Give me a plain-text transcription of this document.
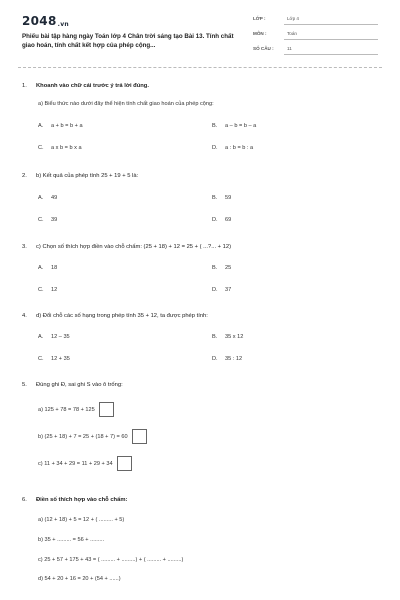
2048.vn
Phiếu bài tập hàng ngày Toán lớp 4 Chân trời sáng tạo Bài 13. Tính chất giao hoán, tính chất kết hợp của phép cộng...
LỚP :	Lớp 4
MÔN :	Toán
SỐ CÂU :	11
1. Khoanh vào chữ cái trước ý trả lời đúng.
a) Biểu thức nào dưới đây thể hiện tính chất giao hoán của phép cộng:
A. a + b = b + a	B. a – b = b – a
C. a x b = b x a	D. a : b = b : a
2. b) Kết quả của phép tính 25 + 19 + 5 là:
A. 49	B. 59
C. 39	D. 69
3. c) Chọn số thích hợp điền vào chỗ chấm: (25 + 18) + 12 = 25 + ( ...?... + 12)
A. 18	B. 25
C. 12	D. 37
4. d) Đổi chỗ các số hạng trong phép tính 35 + 12, ta được phép tính:
A. 12 – 35	B. 35 x 12
C. 12 + 35	D. 35 : 12
5. Đúng ghi Đ, sai ghi S vào ô trống:
a) 125 + 78 = 78 + 125
b) (25 + 18) + 7 = 25 + (18 + 7) = 60
c) 11 + 34 + 29 = 11 + 29 + 34
6. Điền số thích hợp vào chỗ chấm:
a) (12 + 18) + 5 = 12 + ( ......... + 5)
b) 35 + ......... = 56 + .........
c) 25 + 57 + 175 + 43 = ( ......... + .........) + ( ......... + .........)
d) 54 + 20 + 16 = 20 + (54 + ......)
